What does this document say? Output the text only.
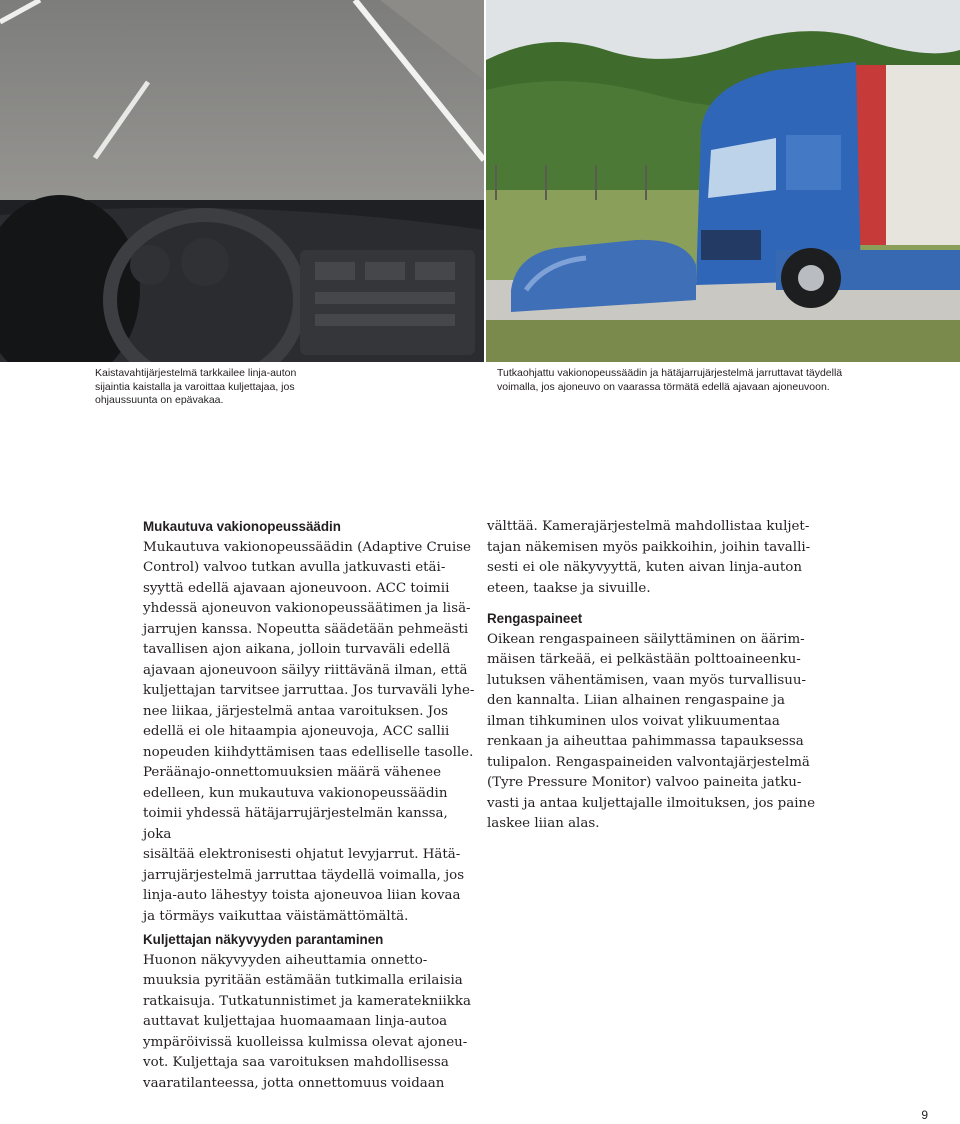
Kaistavahtijärjestelmä tarkkailee linja-auton
sijaintia kaistalla ja varoittaa kuljettajaa, jos
ohjaussuunta on epävakaa.

Tutkaohjattu vakionopeussäädin ja hätäjarrujärjestelmä jarruttavat täydellä
voimalla, jos ajoneuvo on vaarassa törmätä edellä ajavaan ajoneuvoon.

Mukautuva vakionopeussäädin

Mukautuva vakionopeussäädin (Adaptive Cruise
Control) valvoo tutkan avulla jatkuvasti etäi-
syyttä edellä ajavaan ajoneuvoon. ACC toimii
yhdessä ajoneuvon vakionopeussäätimen ja lisä-
jarrujen kanssa. Nopeutta säädetään pehmeästi
tavallisen ajon aikana, jolloin turvaväli edellä
ajavaan ajoneuvoon säilyy riittävänä ilman, että
kuljettajan tarvitsee jarruttaa. Jos turvaväli lyhe-
nee liikaa, järjestelmä antaa varoituksen. Jos
edellä ei ole hitaampia ajoneuvoja, ACC sallii
nopeuden kiihdyttämisen taas edelliselle tasolle.
Peräänajo-onnettomuuksien määrä vähenee
edelleen, kun mukautuva vakionopeussäädin
toimii yhdessä hätäjarrujärjestelmän kanssa, joka
sisältää elektronisesti ohjatut levyjarrut. Hätä-
jarrujärjestelmä jarruttaa täydellä voimalla, jos
linja-auto lähestyy toista ajoneuvoa liian kovaa
ja törmäys vaikuttaa väistämättömältä.

Kuljettajan näkyvyyden parantaminen

Huonon näkyvyyden aiheuttamia onnetto-
muuksia pyritään estämään tutkimalla erilaisia
ratkaisuja. Tutkatunnistimet ja kameratekniikka
auttavat kuljettajaa huomaamaan linja-autoa
ympäröivissä kuolleissa kulmissa olevat ajoneu-
vot. Kuljettaja saa varoituksen mahdollisessa
vaaratilanteessa, jotta onnettomuus voidaan

välttää. Kamerajärjestelmä mahdollistaa kuljet-
tajan näkemisen myös paikkoihin, joihin tavalli-
sesti ei ole näkyvyyttä, kuten aivan linja-auton
eteen, taakse ja sivuille.

Rengaspaineet

Oikean rengaspaineen säilyttäminen on äärim-
mäisen tärkeää, ei pelkästään polttoaineenku-
lutuksen vähentämisen, vaan myös turvallisuu-
den kannalta. Liian alhainen rengaspaine ja
ilman tihkuminen ulos voivat ylikuumentaa
renkaan ja aiheuttaa pahimmassa tapauksessa
tulipalon. Rengaspaineiden valvontajärjestelmä
(Tyre Pressure Monitor) valvoo paineita jatku-
vasti ja antaa kuljettajalle ilmoituksen, jos paine
laskee liian alas.

9
